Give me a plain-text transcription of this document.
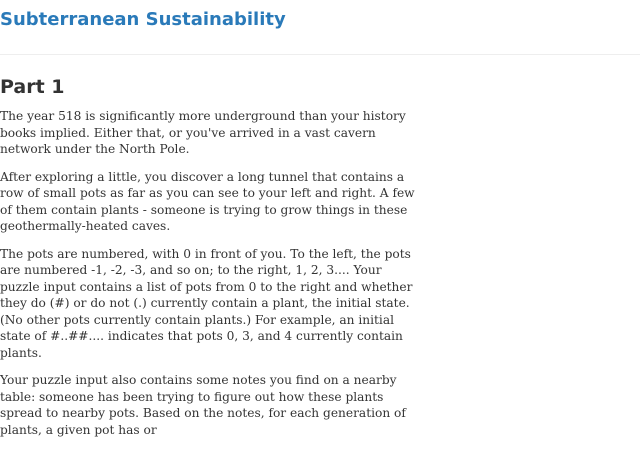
Subterranean Sustainability
Part 1

The year 518 is significantly more underground than your history books implied. Either that, or you've arrived in a vast cavern network under the North Pole.

After exploring a little, you discover a long tunnel that contains a row of small pots as far as you can see to your left and right. A few of them contain plants - someone is trying to grow things in these geothermally-heated caves.

The pots are numbered, with 0 in front of you. To the left, the pots are numbered -1, -2, -3, and so on; to the right, 1, 2, 3.... Your puzzle input contains a list of pots from 0 to the right and whether they do (#) or do not (.) currently contain a plant, the initial state. (No other pots currently contain plants.) For example, an initial state of #..##.... indicates that pots 0, 3, and 4 currently contain plants.

Your puzzle input also contains some notes you find on a nearby table: someone has been trying to figure out how these plants spread to nearby pots. Based on the notes, for each generation of plants, a given pot has or
